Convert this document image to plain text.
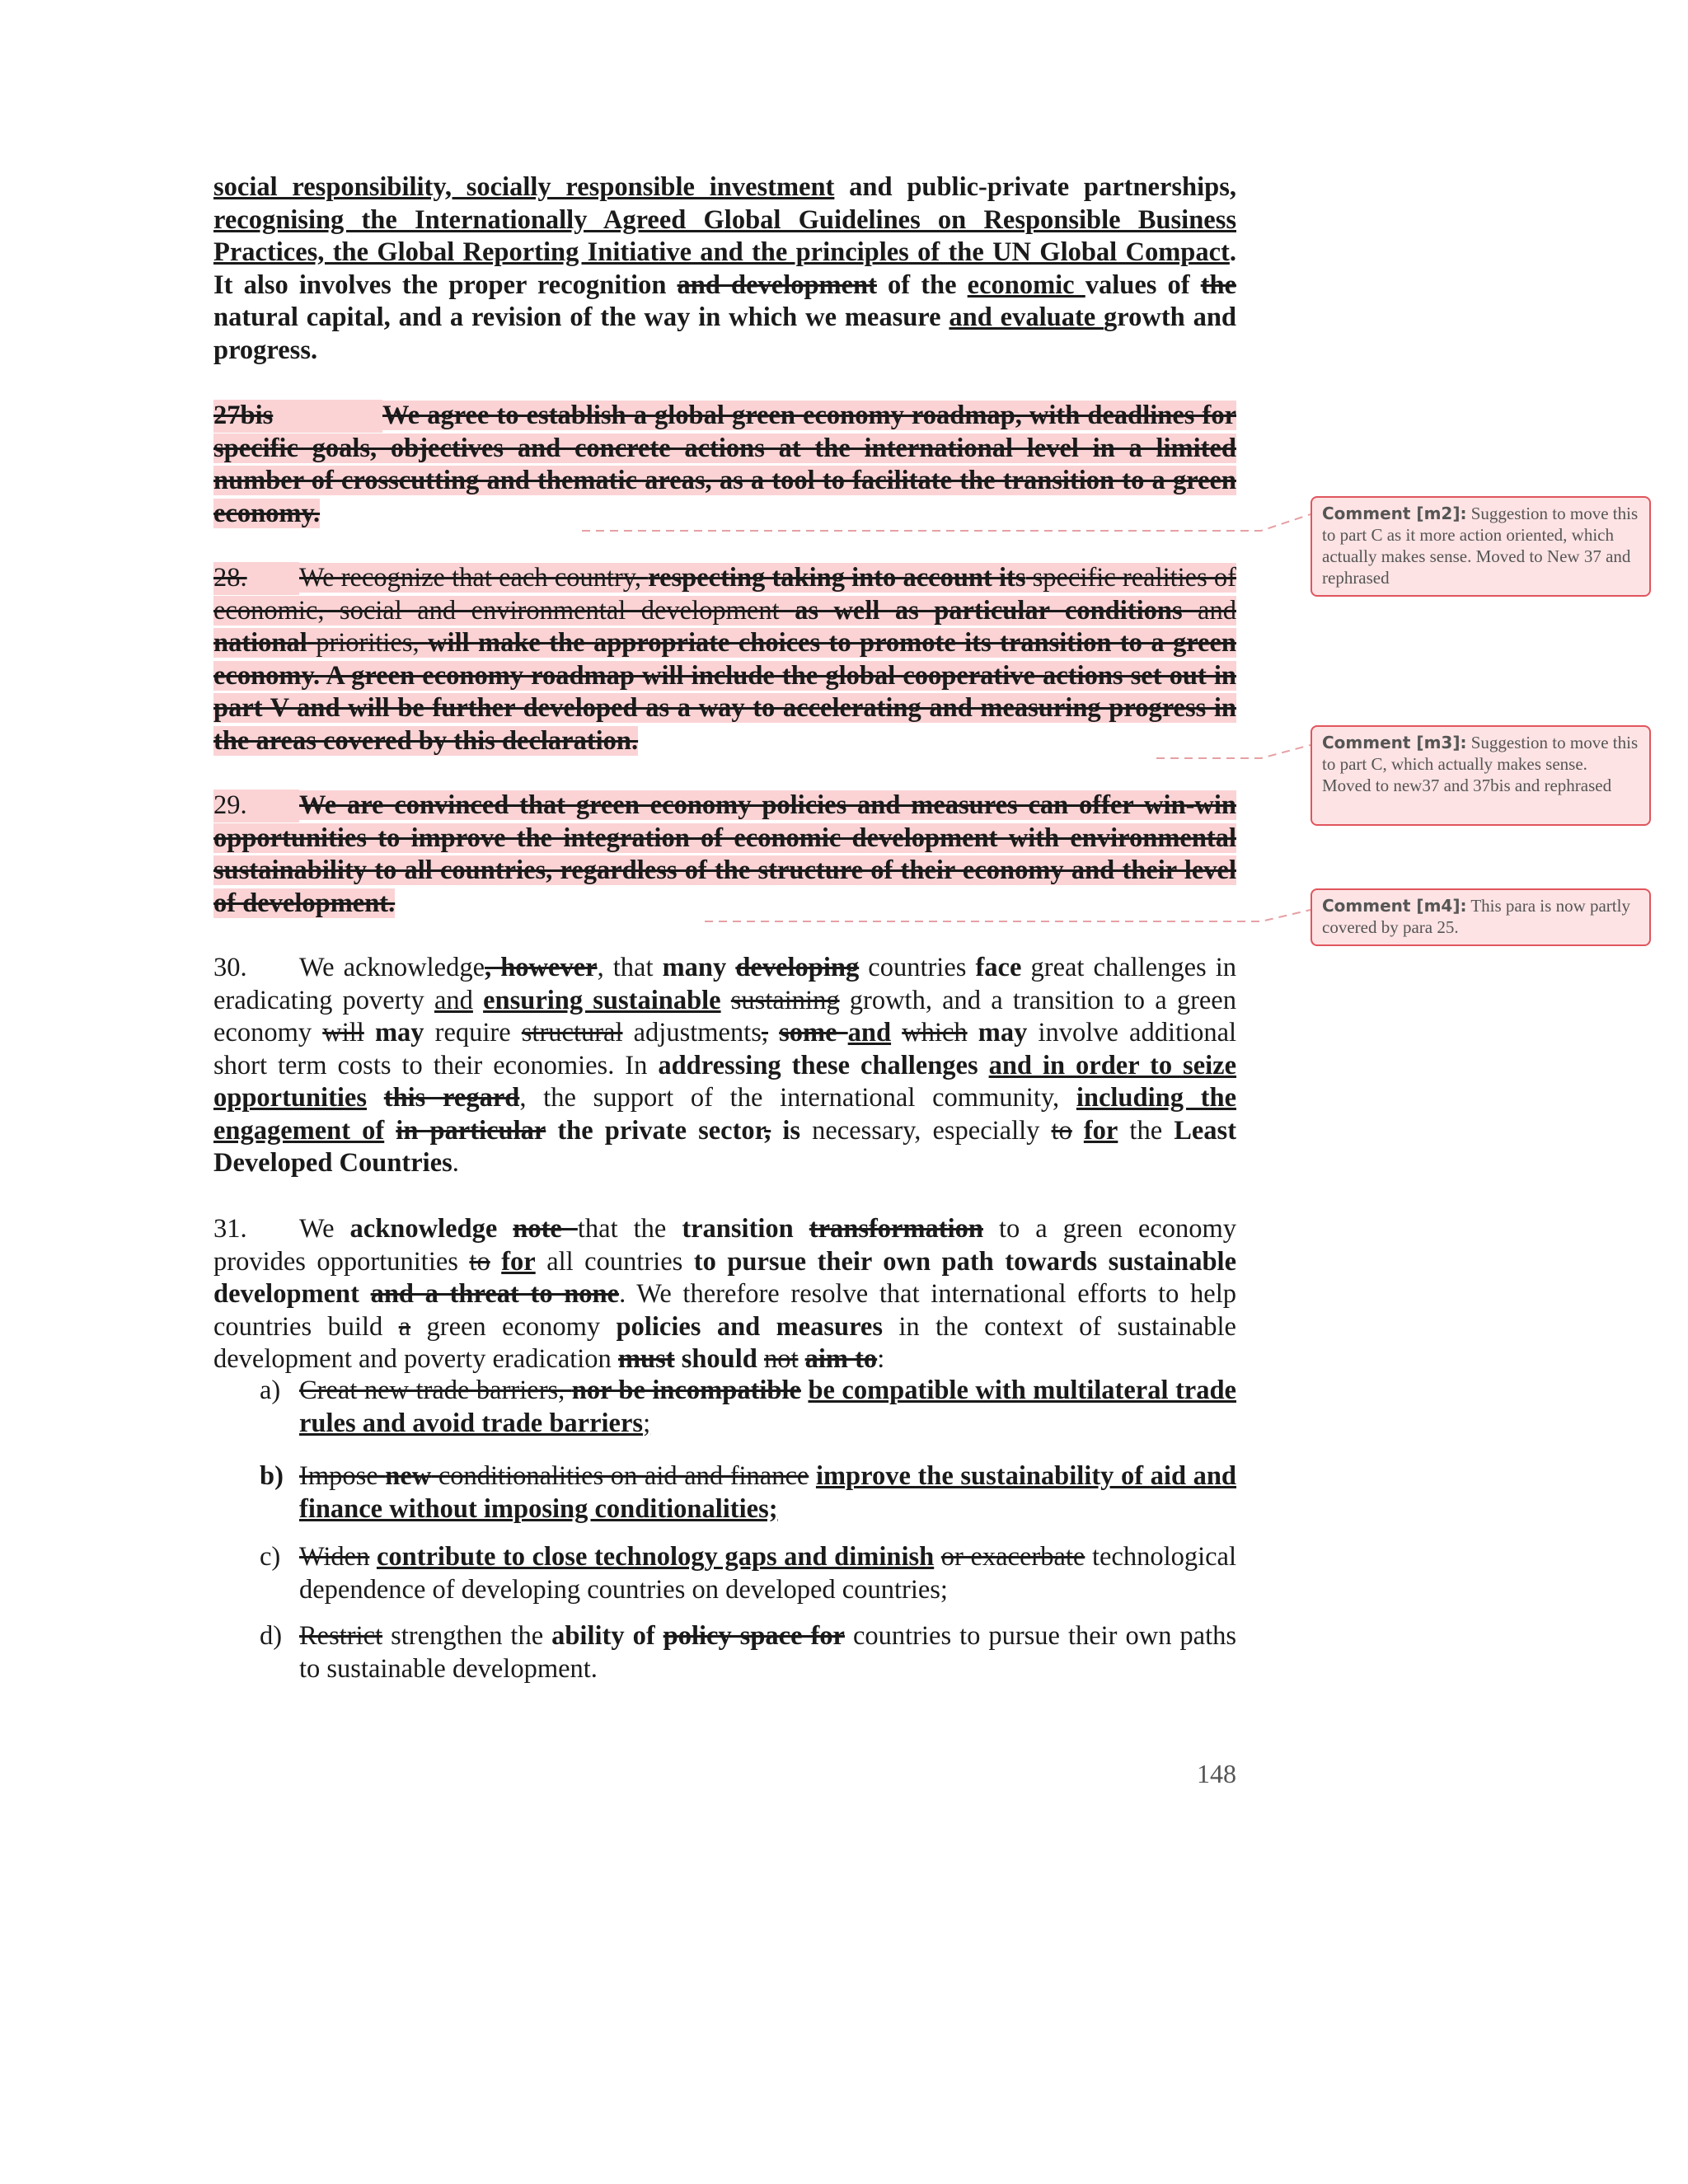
social responsibility, socially responsible investment and public-private partnerships, recognising the Internationally Agreed Global Guidelines on Responsible Business Practices, the Global Reporting Initiative and the principles of the UN Global Compact. It also involves the proper recognition and development of the economic values of the natural capital, and a revision of the way in which we measure and evaluate growth and progress.

27bis	We agree to establish a global green economy roadmap, with deadlines for specific goals, objectives and concrete actions at the international level in a limited number of crosscutting and thematic areas, as a tool to facilitate the transition to a green economy.

28. We recognize that each country, respecting taking into account its specific realities of economic, social and environmental development as well as particular conditions and national priorities, will make the appropriate choices to promote its transition to a green economy. A green economy roadmap will include the global cooperative actions set out in part V and will be further developed as a way to accelerating and measuring progress in the areas covered by this declaration.

29. We are convinced that green economy policies and measures can offer win-win opportunities to improve the integration of economic development with environmental sustainability to all countries, regardless of the structure of their economy and their level of development.

30. We acknowledge, however, that many developing countries face great challenges in eradicating poverty and ensuring sustainable sustaining growth, and a transition to a green economy will may require structural adjustments, some and which may involve additional short term costs to their economies. In addressing these challenges and in order to seize opportunities this regard, the support of the international community, including the engagement of in particular the private sector, is necessary, especially to for the Least Developed Countries.

31. We acknowledge note that the transition transformation to a green economy provides opportunities to for all countries to pursue their own path towards sustainable development and a threat to none. We therefore resolve that international efforts to help countries build a green economy policies and measures in the context of sustainable development and poverty eradication must should not aim to:

a) Creat new trade barriers, nor be incompatible be compatible with multilateral trade rules and avoid trade barriers;
b) Impose new conditionalities on aid and finance improve the sustainability of aid and finance without imposing conditionalities;
c) Widen contribute to close technology gaps and diminish or exacerbate technological dependence of developing countries on developed countries;
d) Restrict strengthen the ability of policy space for countries to pursue their own paths to sustainable development.
148
Comment [m2]: Suggestion to move this to part C as it more action oriented, which actually makes sense. Moved to New 37 and rephrased
Comment [m3]: Suggestion to move this to part C, which actually makes sense. Moved to new37 and 37bis and rephrased
Comment [m4]: This para is now partly covered by para 25.
